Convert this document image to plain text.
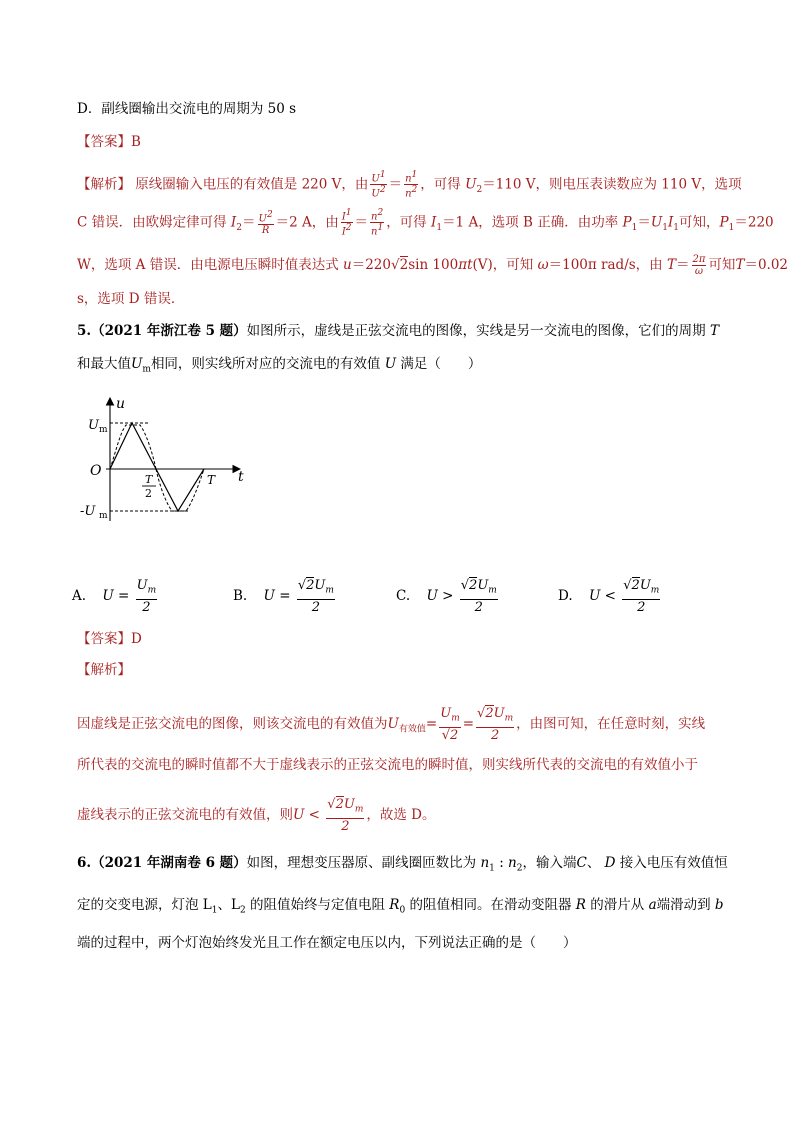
D．副线圈输出交流电的周期为 50 s
【答案】B
【解析】 原线圈输入电压的有效值是 220 V，由 $\frac{U^1}{U^2} = \frac{n^1}{n^2}$ ，可得 $U_2=110$ V，则电压表读数应为 110 V，选项
C 错误．由欧姆定律可得 $I_2= \frac{U^2}{R} =2$ A，由 $\frac{I^1}{I^2} = \frac{n^2}{n^1}$ ，可得 $I_1=1$ A，选项 B 正确．由功率 $P_1=U_1I_1$可知，$P_1=220$
W，选项 A 错误．由电源电压瞬时值表达式 u＝220√2sin 100πt(V)，可知 ω＝100π rad/s，由 $T= \frac{2\pi}{\omega}$ 可知T＝0.02
s，选项 D 错误．
5.（2021 年浙江卷 5 题）如图所示，虚线是正弦交流电的图像，实线是另一交流电的图像，它们的周期 T
和最大值$U_m$相同，则实线所对应的交流电的有效值 U 满足（　　）
u
t
O
U m
-U m
T
2
T
A. $U = \frac{U_m}{2}$	B. $U = \frac{√2U_m}{2}$	C. $U > \frac{√2U_m}{2}$	D. $U < \frac{√2U_m}{2}$
【答案】D
【解析】
因虚线是正弦交流电的图像，则该交流电的有效值为$U_{有效值}= \frac{U_m}{√2} = \frac{√2U_m}{2}$ ，由图可知，在任意时刻，实线
所代表的交流电的瞬时值都不大于虚线表示的正弦交流电的瞬时值，则实线所代表的交流电的有效值小于
虚线表示的正弦交流电的有效值，则$U < \frac{√2U_m}{2}$ ，故选 D。
6.（2021 年湖南卷 6 题）如图，理想变压器原、副线圈匝数比为 $n_1$ : $n_2$，输入端C、 D 接入电压有效值恒
定的交变电源，灯泡 $L_1$、$L_2$ 的阻值始终与定值电阻 $R_0$ 的阻值相同。在滑动变阻器 R 的滑片从 a端滑动到 b
端的过程中，两个灯泡始终发光且工作在额定电压以内，下列说法正确的是（　　）
